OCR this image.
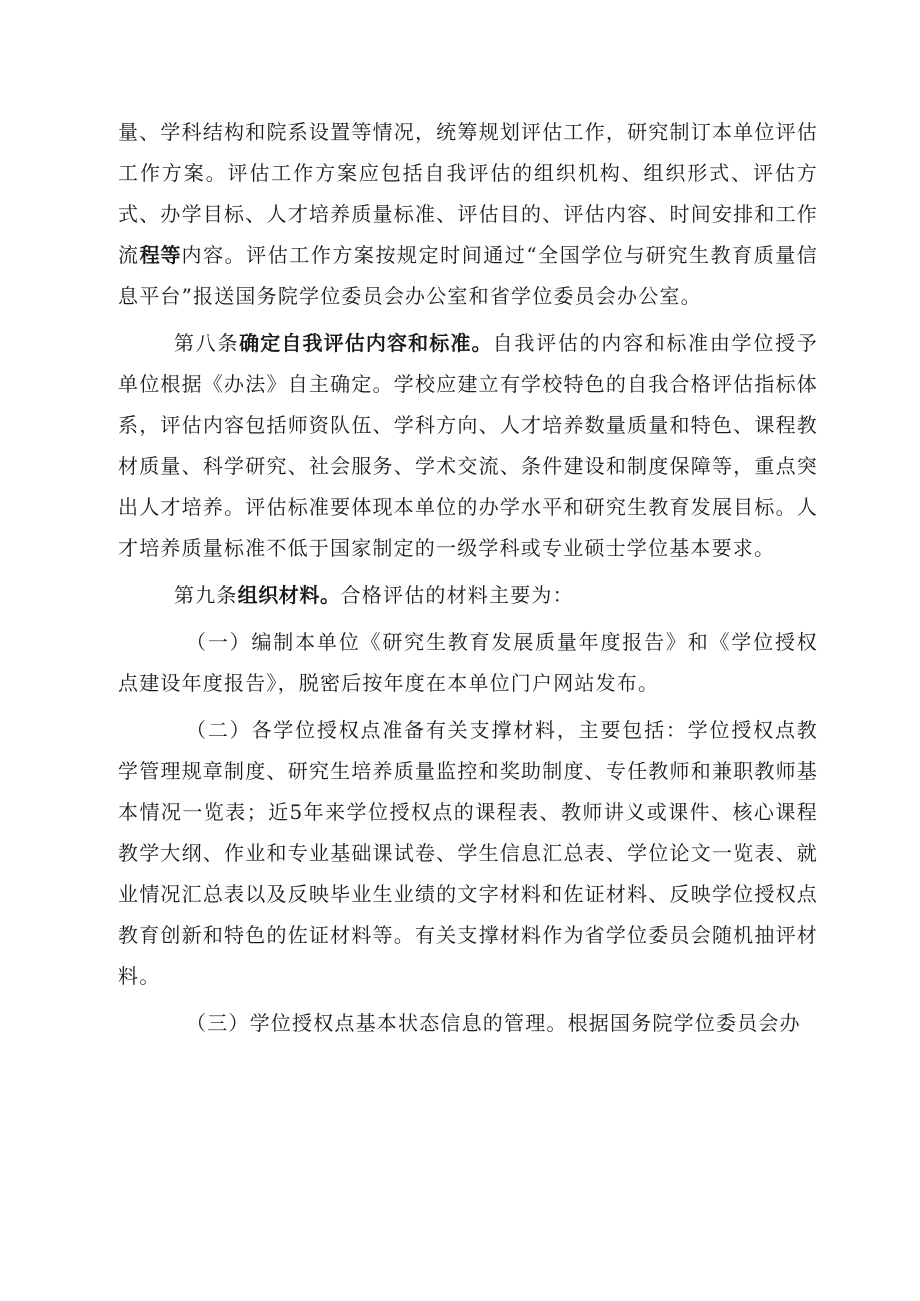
量、学科结构和院系设置等情况，统筹规划评估工作，研究制订本单位评估工作方案。评估工作方案应包括自我评估的组织机构、组织形式、评估方式、办学目标、人才培养质量标准、评估目的、评估内容、时间安排和工作流程等内容。评估工作方案按规定时间通过“全国学位与研究生教育质量信息平台”报送国务院学位委员会办公室和省学位委员会办公室。

第八条确定自我评估内容和标准。自我评估的内容和标准由学位授予单位根据《办法》自主确定。学校应建立有学校特色的自我合格评估指标体系，评估内容包括师资队伍、学科方向、人才培养数量质量和特色、课程教材质量、科学研究、社会服务、学术交流、条件建设和制度保障等，重点突出人才培养。评估标准要体现本单位的办学水平和研究生教育发展目标。人才培养质量标准不低于国家制定的一级学科或专业硕士学位基本要求。

第九条组织材料。合格评估的材料主要为：

（一）编制本单位《研究生教育发展质量年度报告》和《学位授权点建设年度报告》，脱密后按年度在本单位门户网站发布。

（二）各学位授权点准备有关支撑材料，主要包括：学位授权点教学管理规章制度、研究生培养质量监控和奖助制度、专任教师和兼职教师基本情况一览表；近5年来学位授权点的课程表、教师讲义或课件、核心课程教学大纲、作业和专业基础课试卷、学生信息汇总表、学位论文一览表、就业情况汇总表以及反映毕业生业绩的文字材料和佐证材料、反映学位授权点教育创新和特色的佐证材料等。有关支撑材料作为省学位委员会随机抽评材料。

（三）学位授权点基本状态信息的管理。根据国务院学位委员会办
